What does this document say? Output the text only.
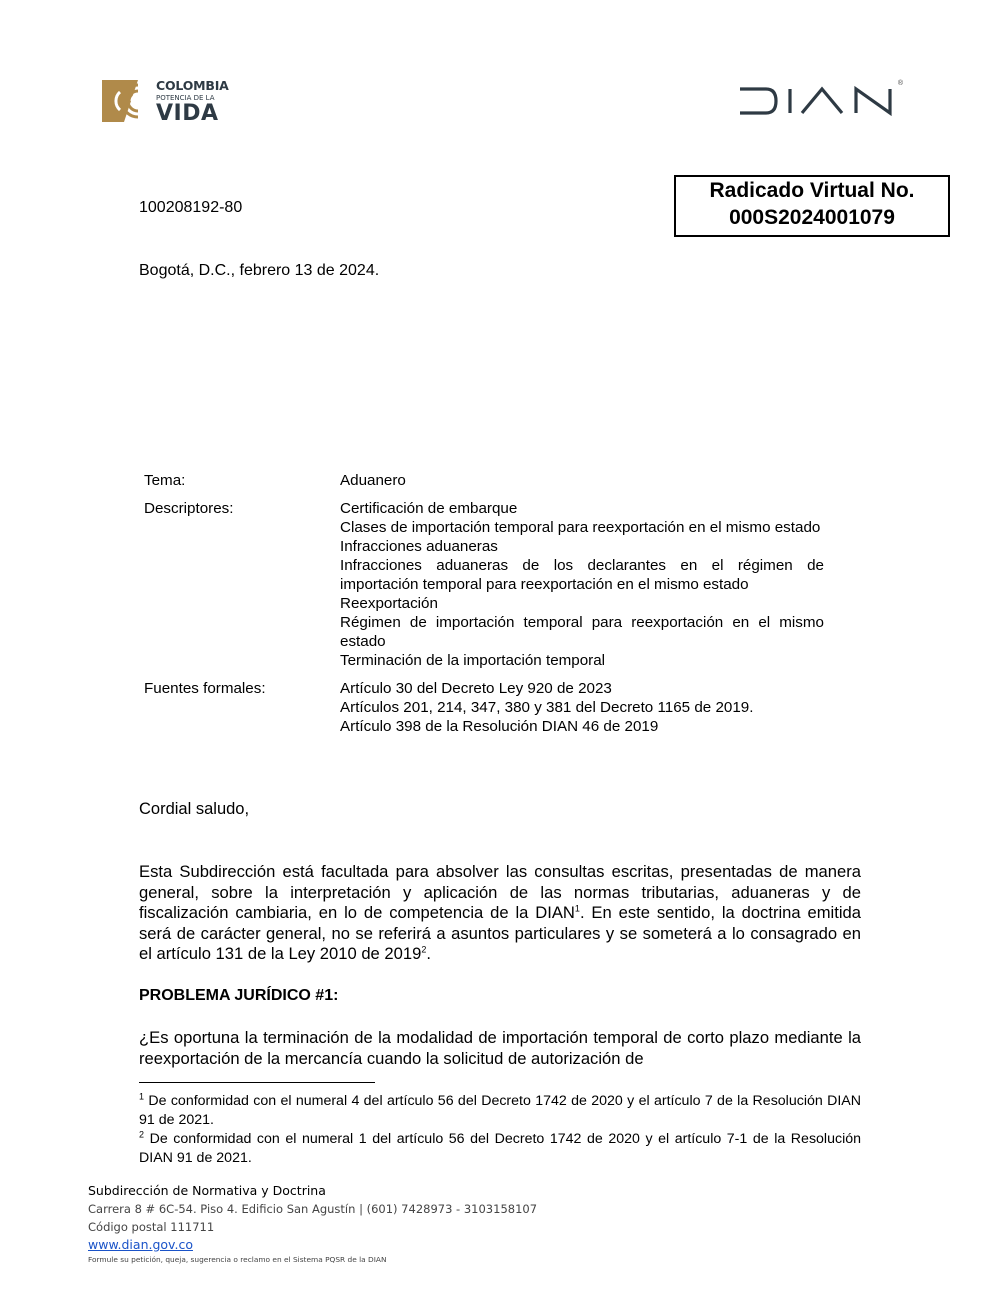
COLOMBIA
POTENCIA DE LA
VIDA
®
100208192-80
Radicado Virtual No.
000S2024001079
Bogotá, D.C., febrero 13 de 2024.
Tema:	Aduanero
Descriptores:	Certificación de embarque
Clases de importación temporal para reexportación en el mismo estado
Infracciones aduaneras
Infracciones aduaneras de los declarantes en el régimen de importación temporal para reexportación en el mismo estado
Reexportación
Régimen de importación temporal para reexportación en el mismo estado
Terminación de la importación temporal
Fuentes formales:	Artículo 30 del Decreto Ley 920 de 2023
Artículos 201, 214, 347, 380 y 381 del Decreto 1165 de 2019.
Artículo 398 de la Resolución DIAN 46 de 2019
Cordial saludo,
Esta Subdirección está facultada para absolver las consultas escritas, presentadas de manera general, sobre la interpretación y aplicación de las normas tributarias, aduaneras y de fiscalización cambiaria, en lo de competencia de la DIAN$^1$. En este sentido, la doctrina emitida será de carácter general, no se referirá a asuntos particulares y se someterá a lo consagrado en el artículo 131 de la Ley 2010 de 2019$^2$.
PROBLEMA JURÍDICO #1:
¿Es oportuna la terminación de la modalidad de importación temporal de corto plazo mediante la reexportación de la mercancía cuando la solicitud de autorización de
$^1$ De conformidad con el numeral 4 del artículo 56 del Decreto 1742 de 2020 y el artículo 7 de la Resolución DIAN 91 de 2021.
$^2$ De conformidad con el numeral 1 del artículo 56 del Decreto 1742 de 2020 y el artículo 7-1 de la Resolución DIAN 91 de 2021.
Subdirección de Normativa y Doctrina
Carrera 8 # 6C-54. Piso 4. Edificio San Agustín | (601) 7428973 - 3103158107
Código postal 111711
www.dian.gov.co
Formule su petición, queja, sugerencia o reclamo en el Sistema PQSR de la DIAN
